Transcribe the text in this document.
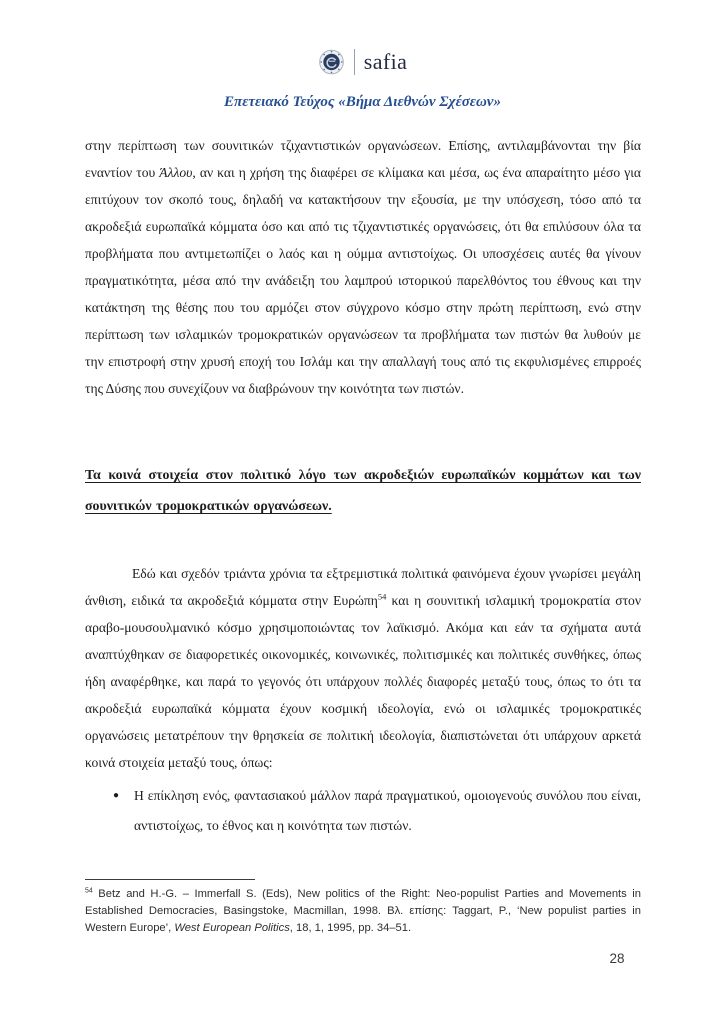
safia
Επετειακό Τεύχος «Βήμα Διεθνών Σχέσεων»

στην περίπτωση των σουνιτικών τζιχαντιστικών οργανώσεων. Επίσης, αντιλαμβάνονται την βία εναντίον του Άλλου, αν και η χρήση της διαφέρει σε κλίμακα και μέσα, ως ένα απαραίτητο μέσο για επιτύχουν τον σκοπό τους, δηλαδή να κατακτήσουν την εξουσία, με την υπόσχεση, τόσο από τα ακροδεξιά ευρωπαϊκά κόμματα όσο και από τις τζιχαντιστικές οργανώσεις, ότι θα επιλύσουν όλα τα προβλήματα που αντιμετωπίζει ο λαός και η ούμμα αντιστοίχως. Οι υποσχέσεις αυτές θα γίνουν πραγματικότητα, μέσα από την ανάδειξη του λαμπρού ιστορικού παρελθόντος του έθνους και την κατάκτηση της θέσης που του αρμόζει στον σύγχρονο κόσμο στην πρώτη περίπτωση, ενώ στην περίπτωση των ισλαμικών τρομοκρατικών οργανώσεων τα προβλήματα των πιστών θα λυθούν με την επιστροφή στην χρυσή εποχή του Ισλάμ και την απαλλαγή τους από τις εκφυλισμένες επιρροές της Δύσης που συνεχίζουν να διαβρώνουν την κοινότητα των πιστών.

Τα κοινά στοιχεία στον πολιτικό λόγο των ακροδεξιών ευρωπαϊκών κομμάτων και των σουνιτικών τρομοκρατικών οργανώσεων.

Εδώ και σχεδόν τριάντα χρόνια τα εξτρεμιστικά πολιτικά φαινόμενα έχουν γνωρίσει μεγάλη άνθιση, ειδικά τα ακροδεξιά κόμματα στην Ευρώπη$^{54}$ και η σουνιτική ισλαμική τρομοκρατία στον αραβο-μουσουλμανικό κόσμο χρησιμοποιώντας τον λαϊκισμό. Ακόμα και εάν τα σχήματα αυτά αναπτύχθηκαν σε διαφορετικές οικονομικές, κοινωνικές, πολιτισμικές και πολιτικές συνθήκες, όπως ήδη αναφέρθηκε, και παρά το γεγονός ότι υπάρχουν πολλές διαφορές μεταξύ τους, όπως το ότι τα ακροδεξιά ευρωπαϊκά κόμματα έχουν κοσμική ιδεολογία, ενώ οι ισλαμικές τρομοκρατικές οργανώσεις μετατρέπουν την θρησκεία σε πολιτική ιδεολογία, διαπιστώνεται ότι υπάρχουν αρκετά κοινά στοιχεία μεταξύ τους, όπως:

●	Η επίκληση ενός, φαντασιακού μάλλον παρά πραγματικού, ομοιογενούς συνόλου που είναι, αντιστοίχως, το έθνος και η κοινότητα των πιστών.

$^{54}$ Betz and H.-G. – Immerfall S. (Eds), New politics of the Right: Neo-populist Parties and Movements in Established Democracies, Basingstoke, Macmillan, 1998. Βλ. επίσης: Taggart, P., ‘New populist parties in Western Europe’, West European Politics, 18, 1, 1995, pp. 34–51.

28
